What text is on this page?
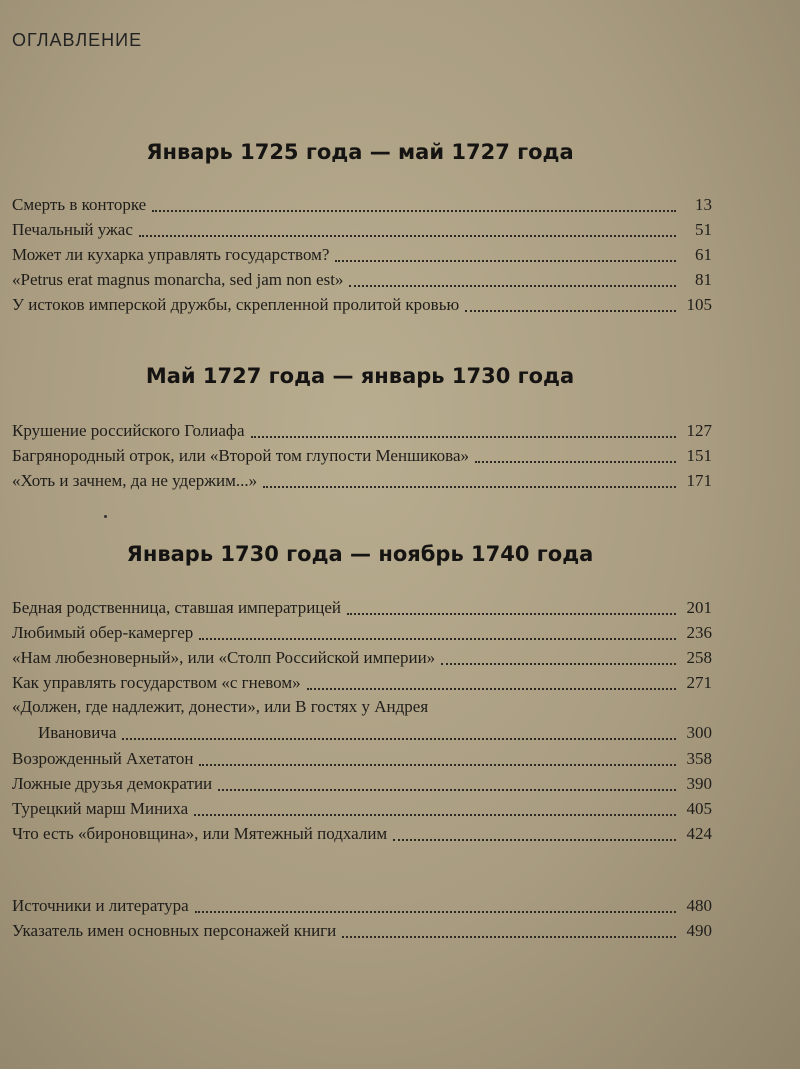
ОГЛАВЛЕНИЕ
Январь 1725 года — май 1727 года
Смерть в конторке	13
Печальный ужас	51
Может ли кухарка управлять государством?	61
«Petrus erat magnus monarcha, sed jam non est»	81
У истоков имперской дружбы, скрепленной пролитой кровью	105
Май 1727 года — январь 1730 года
Крушение российского Голиафа	127
Багрянородный отрок, или «Второй том глупости Меншикова»	151
«Хоть и зачнем, да не удержим...»	171
Январь 1730 года — ноябрь 1740 года
Бедная родственница, ставшая императрицей	201
Любимый обер-камергер	236
«Нам любезноверный», или «Столп Российской империи»	258
Как управлять государством «с гневом»	271
«Должен, где надлежит, донести», или В гостях у Андрея
Ивановича	300
Возрожденный Ахетатон	358
Ложные друзья демократии	390
Турецкий марш Миниха	405
Что есть «бироновщина», или Мятежный подхалим	424
Источники и литература	480
Указатель имен основных персонажей книги	490
